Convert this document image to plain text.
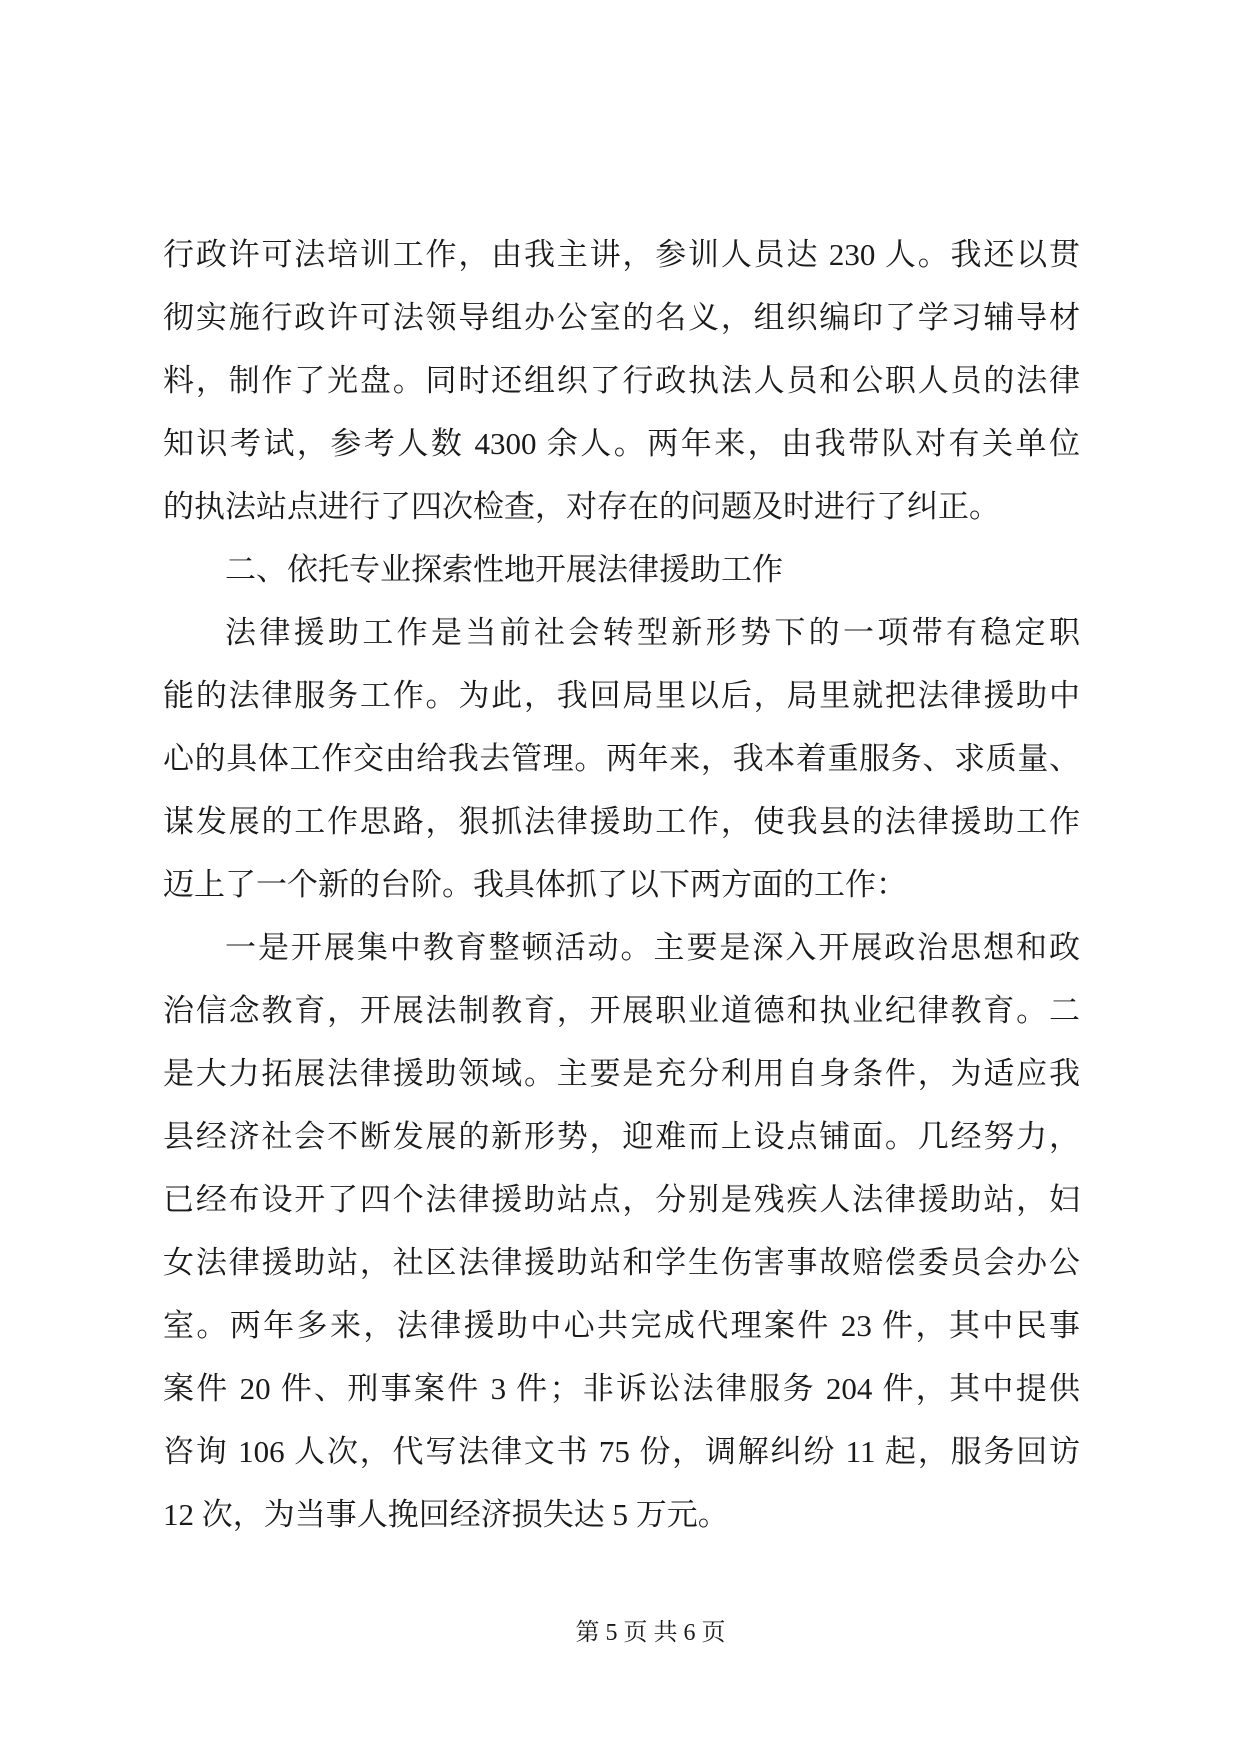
行政许可法培训工作，由我主讲，参训人员达 230 人。我还以贯
彻实施行政许可法领导组办公室的名义，组织编印了学习辅导材
料，制作了光盘。同时还组织了行政执法人员和公职人员的法律
知识考试，参考人数 4300 余人。两年来，由我带队对有关单位
的执法站点进行了四次检查，对存在的问题及时进行了纠正。
二、依托专业探索性地开展法律援助工作
法律援助工作是当前社会转型新形势下的一项带有稳定职
能的法律服务工作。为此，我回局里以后，局里就把法律援助中
心的具体工作交由给我去管理。两年来，我本着重服务、求质量、
谋发展的工作思路，狠抓法律援助工作，使我县的法律援助工作
迈上了一个新的台阶。我具体抓了以下两方面的工作：
一是开展集中教育整顿活动。主要是深入开展政治思想和政
治信念教育，开展法制教育，开展职业道德和执业纪律教育。二
是大力拓展法律援助领域。主要是充分利用自身条件，为适应我
县经济社会不断发展的新形势，迎难而上设点铺面。几经努力，
已经布设开了四个法律援助站点，分别是残疾人法律援助站，妇
女法律援助站，社区法律援助站和学生伤害事故赔偿委员会办公
室。两年多来，法律援助中心共完成代理案件 23 件，其中民事
案件 20 件、刑事案件 3 件；非诉讼法律服务 204 件，其中提供
咨询 106 人次，代写法律文书 75 份，调解纠纷 11 起，服务回访
12 次，为当事人挽回经济损失达 5 万元。
第 5 页 共 6 页
